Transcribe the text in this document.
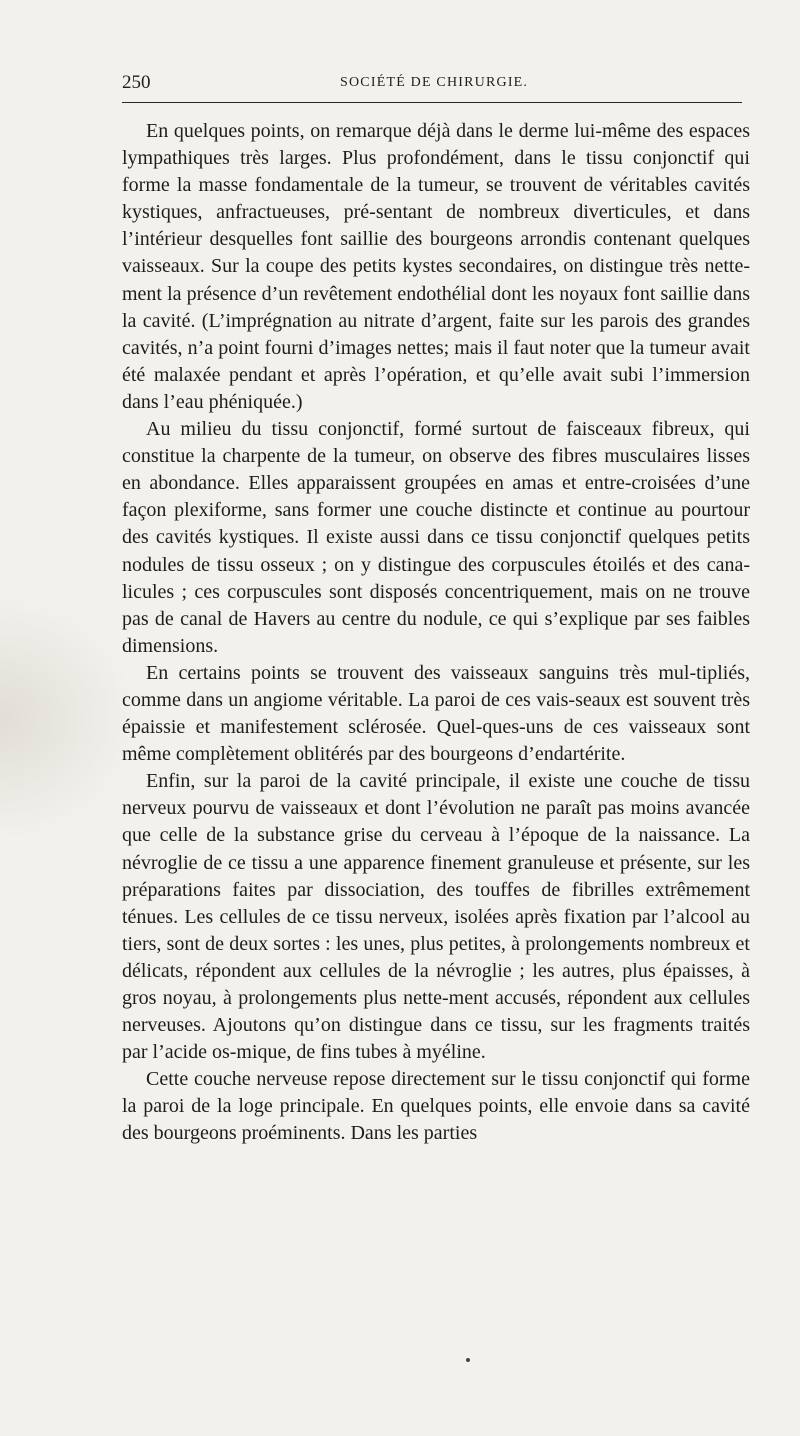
250	SOCIÉTÉ DE CHIRURGIE.

En quelques points, on remarque déjà dans le derme lui-même des espaces lympathiques très larges. Plus profondément, dans le tissu conjonctif qui forme la masse fondamentale de la tumeur, se trouvent de véritables cavités kystiques, anfractueuses, pré-sentant de nombreux diverticules, et dans l’intérieur desquelles font saillie des bourgeons arrondis contenant quelques vaisseaux. Sur la coupe des petits kystes secondaires, on distingue très nette-ment la présence d’un revêtement endothélial dont les noyaux font saillie dans la cavité. (L’imprégnation au nitrate d’argent, faite sur les parois des grandes cavités, n’a point fourni d’images nettes; mais il faut noter que la tumeur avait été malaxée pendant et après l’opération, et qu’elle avait subi l’immersion dans l’eau phéniquée.)

Au milieu du tissu conjonctif, formé surtout de faisceaux fibreux, qui constitue la charpente de la tumeur, on observe des fibres musculaires lisses en abondance. Elles apparaissent groupées en amas et entre-croisées d’une façon plexiforme, sans former une couche distincte et continue au pourtour des cavités kystiques. Il existe aussi dans ce tissu conjonctif quelques petits nodules de tissu osseux ; on y distingue des corpuscules étoilés et des cana-licules ; ces corpuscules sont disposés concentriquement, mais on ne trouve pas de canal de Havers au centre du nodule, ce qui s’explique par ses faibles dimensions.

En certains points se trouvent des vaisseaux sanguins très mul-tipliés, comme dans un angiome véritable. La paroi de ces vais-seaux est souvent très épaissie et manifestement sclérosée. Quel-ques-uns de ces vaisseaux sont même complètement oblitérés par des bourgeons d’endartérite.

Enfin, sur la paroi de la cavité principale, il existe une couche de tissu nerveux pourvu de vaisseaux et dont l’évolution ne paraît pas moins avancée que celle de la substance grise du cerveau à l’époque de la naissance. La névroglie de ce tissu a une apparence finement granuleuse et présente, sur les préparations faites par dissociation, des touffes de fibrilles extrêmement ténues. Les cellules de ce tissu nerveux, isolées après fixation par l’alcool au tiers, sont de deux sortes : les unes, plus petites, à prolongements nombreux et délicats, répondent aux cellules de la névroglie ; les autres, plus épaisses, à gros noyau, à prolongements plus nette-ment accusés, répondent aux cellules nerveuses. Ajoutons qu’on distingue dans ce tissu, sur les fragments traités par l’acide os-mique, de fins tubes à myéline.

Cette couche nerveuse repose directement sur le tissu conjonctif qui forme la paroi de la loge principale. En quelques points, elle envoie dans sa cavité des bourgeons proéminents. Dans les parties
